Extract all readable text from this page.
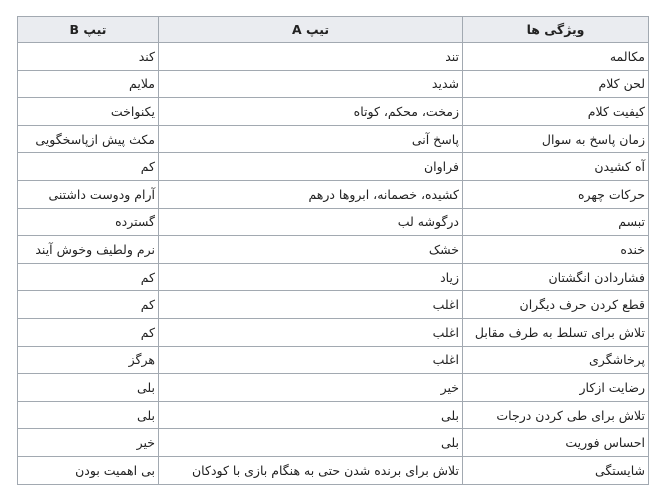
ویژگی ها	تیپ A	تیپ B
مکالمه	تند	کند
لحن کلام	شدید	ملایم
کیفیت کلام	زمخت، محکم، کوتاه	یکنواخت
زمان پاسخ به سوال	پاسخ آنی	مکث پیش ازپاسخگویی
آه کشیدن	فراوان	کم
حرکات چهره	کشیده، خصمانه، ابروها درهم	آرام ودوست داشتنی
تبسم	درگوشه لب	گسترده
خنده	خشک	نرم ولطیف وخوش آیند
فشاردادن انگشتان	زیاد	کم
قطع کردن حرف دیگران	اغلب	کم
تلاش برای تسلط به طرف مقابل	اغلب	کم
پرخاشگری	اغلب	هرگز
رضایت ازکار	خیر	بلی
تلاش برای طی کردن درجات	بلی	بلی
احساس فوریت	بلی	خیر
شایستگی	تلاش برای برنده شدن حتی به هنگام بازی با کودکان	بی اهمیت بودن
